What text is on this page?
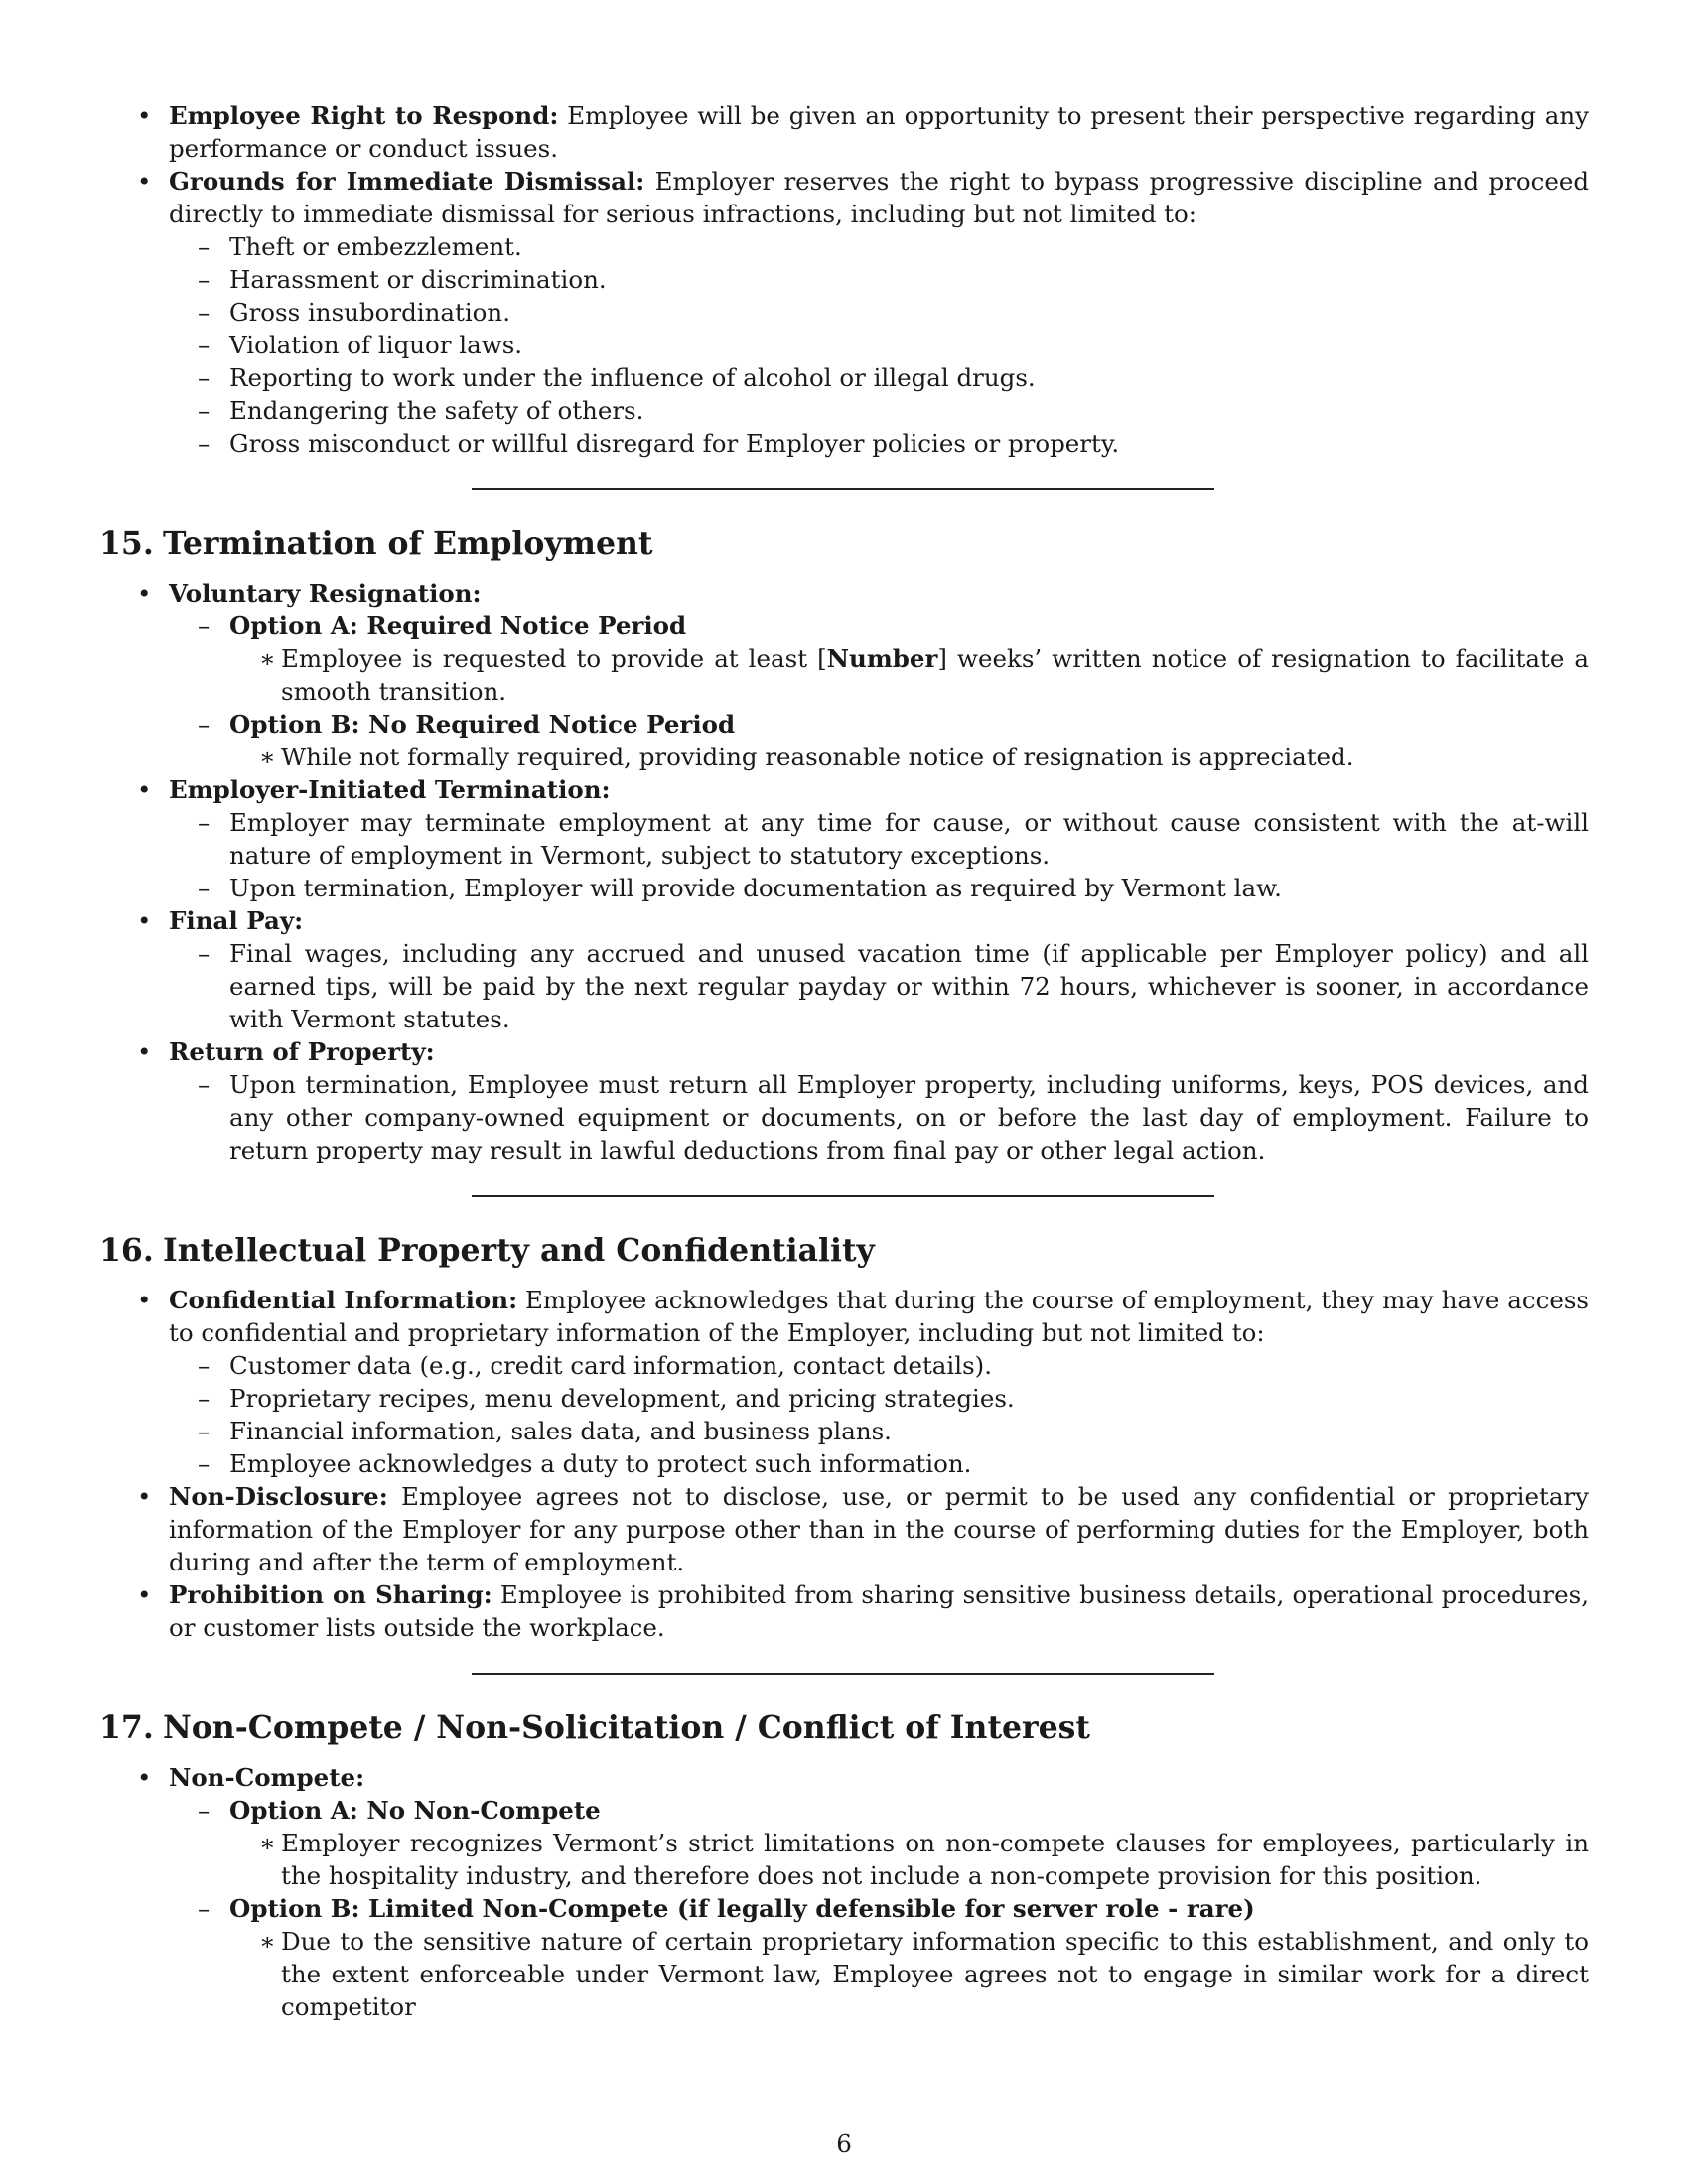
• Employee Right to Respond: Employee will be given an opportunity to present their perspective regarding any performance or conduct issues.
• Grounds for Immediate Dismissal: Employer reserves the right to bypass progressive discipline and proceed directly to immediate dismissal for serious infractions, including but not limited to:
– Theft or embezzlement.
– Harassment or discrimination.
– Gross insubordination.
– Violation of liquor laws.
– Reporting to work under the influence of alcohol or illegal drugs.
– Endangering the safety of others.
– Gross misconduct or willful disregard for Employer policies or property.
15. Termination of Employment
• Voluntary Resignation:
– Option A: Required Notice Period
∗ Employee is requested to provide at least [Number] weeks’ written notice of resignation to facilitate a smooth transition.
– Option B: No Required Notice Period
∗ While not formally required, providing reasonable notice of resignation is appreciated.
• Employer-Initiated Termination:
– Employer may terminate employment at any time for cause, or without cause consistent with the at-will nature of employment in Vermont, subject to statutory exceptions.
– Upon termination, Employer will provide documentation as required by Vermont law.
• Final Pay:
– Final wages, including any accrued and unused vacation time (if applicable per Employer policy) and all earned tips, will be paid by the next regular payday or within 72 hours, whichever is sooner, in accordance with Vermont statutes.
• Return of Property:
– Upon termination, Employee must return all Employer property, including uniforms, keys, POS devices, and any other company-owned equipment or documents, on or before the last day of employment. Failure to return property may result in lawful deductions from final pay or other legal action.
16. Intellectual Property and Confidentiality
• Confidential Information: Employee acknowledges that during the course of employment, they may have access to confidential and proprietary information of the Employer, including but not limited to:
– Customer data (e.g., credit card information, contact details).
– Proprietary recipes, menu development, and pricing strategies.
– Financial information, sales data, and business plans.
– Employee acknowledges a duty to protect such information.
• Non-Disclosure: Employee agrees not to disclose, use, or permit to be used any confidential or proprietary information of the Employer for any purpose other than in the course of performing duties for the Employer, both during and after the term of employment.
• Prohibition on Sharing: Employee is prohibited from sharing sensitive business details, operational procedures, or customer lists outside the workplace.
17. Non-Compete / Non-Solicitation / Conflict of Interest
• Non-Compete:
– Option A: No Non-Compete
∗ Employer recognizes Vermont’s strict limitations on non-compete clauses for employees, particularly in the hospitality industry, and therefore does not include a non-compete provision for this position.
– Option B: Limited Non-Compete (if legally defensible for server role - rare)
∗ Due to the sensitive nature of certain proprietary information specific to this establishment, and only to the extent enforceable under Vermont law, Employee agrees not to engage in similar work for a direct competitor
6
